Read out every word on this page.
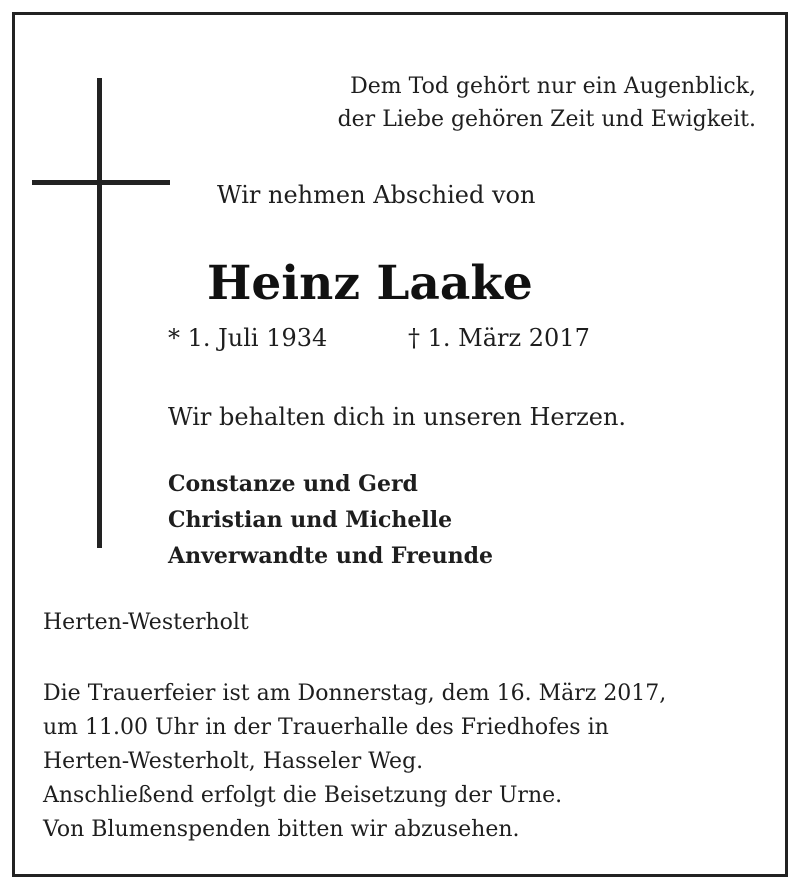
Dem Tod gehört nur ein Augenblick,
der Liebe gehören Zeit und Ewigkeit.
Wir nehmen Abschied von
Heinz Laake
* 1. Juli 1934	† 1. März 2017
Wir behalten dich in unseren Herzen.
Constanze und Gerd
Christian und Michelle
Anverwandte und Freunde
Herten-Westerholt
Die Trauerfeier ist am Donnerstag, dem 16. März 2017,
um 11.00 Uhr in der Trauerhalle des Friedhofes in
Herten-Westerholt, Hasseler Weg.
Anschließend erfolgt die Beisetzung der Urne.
Von Blumenspenden bitten wir abzusehen.
